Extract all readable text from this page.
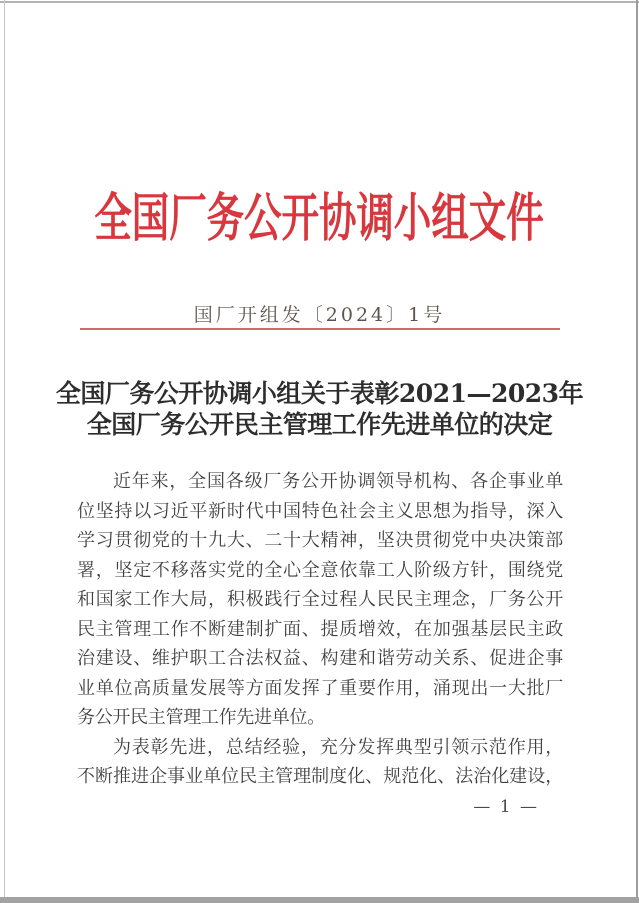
全国厂务公开协调小组文件
国厂开组发〔2024〕1号
全国厂务公开协调小组关于表彰2021—2023年
全国厂务公开民主管理工作先进单位的决定
近年来，全国各级厂务公开协调领导机构、各企事业单
位坚持以习近平新时代中国特色社会主义思想为指导，深入
学习贯彻党的十九大、二十大精神，坚决贯彻党中央决策部
署，坚定不移落实党的全心全意依靠工人阶级方针，围绕党
和国家工作大局，积极践行全过程人民民主理念，厂务公开
民主管理工作不断建制扩面、提质增效，在加强基层民主政
治建设、维护职工合法权益、构建和谐劳动关系、促进企事
业单位高质量发展等方面发挥了重要作用，涌现出一大批厂
务公开民主管理工作先进单位。
为表彰先进，总结经验，充分发挥典型引领示范作用，
不断推进企事业单位民主管理制度化、规范化、法治化建设，
— 1 —
